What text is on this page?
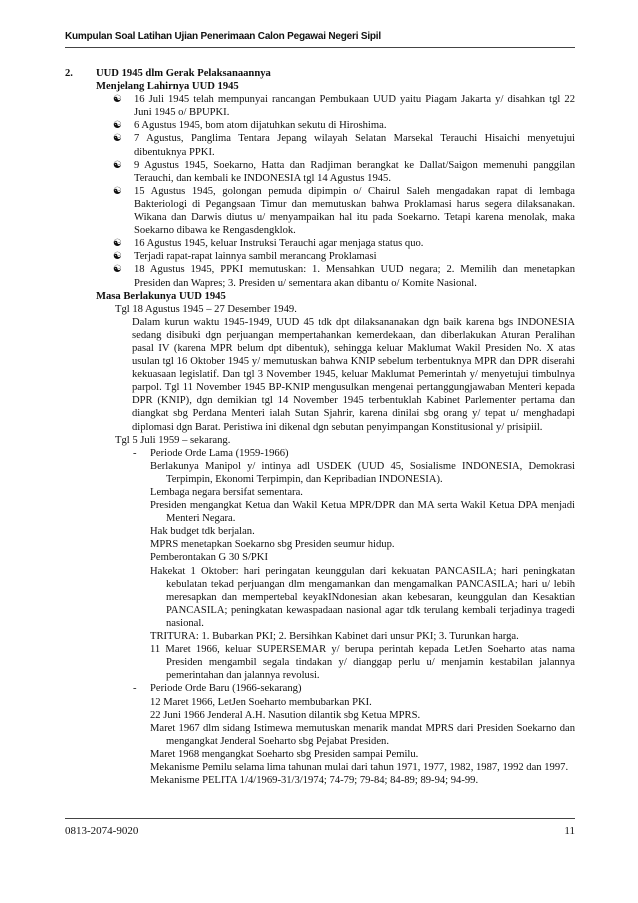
Kumpulan Soal Latihan Ujian Penerimaan Calon Pegawai Negeri Sipil
2.	UUD 1945 dlm Gerak Pelaksanaannya
Menjelang Lahirnya UUD 1945
☯	16 Juli 1945 telah mempunyai rancangan Pembukaan UUD yaitu Piagam Jakarta y/ disahkan tgl 22 Juni 1945 o/ BPUPKI.
☯	6 Agustus 1945, bom atom dijatuhkan sekutu di Hiroshima.
☯	7 Agustus, Panglima Tentara Jepang wilayah Selatan Marsekal Terauchi Hisaichi menyetujui dibentuknya PPKI.
☯	9 Agustus 1945, Soekarno, Hatta dan Radjiman berangkat ke Dallat/Saigon memenuhi panggilan Terauchi, dan kembali ke INDONESIA tgl 14 Agustus 1945.
☯	15 Agustus 1945, golongan pemuda dipimpin o/ Chairul Saleh mengadakan rapat di lembaga Bakteriologi di Pegangsaan Timur dan memutuskan bahwa Proklamasi harus segera dilaksanakan. Wikana dan Darwis diutus u/ menyampaikan hal itu pada Soekarno. Tetapi karena menolak, maka Soekarno dibawa ke Rengasdengklok.
☯	16 Agustus 1945, keluar Instruksi Terauchi agar menjaga status quo.
☯	Terjadi rapat-rapat lainnya sambil merancang Proklamasi
☯	18 Agustus 1945, PPKI memutuskan: 1. Mensahkan UUD negara; 2. Memilih dan menetapkan Presiden dan Wapres; 3. Presiden u/ sementara akan dibantu o/ Komite Nasional.
Masa Berlakunya UUD 1945
Tgl 18 Agustus 1945 – 27 Desember 1949.
Dalam kurun waktu 1945-1949, UUD 45 tdk dpt dilaksananakan dgn baik karena bgs INDONESIA sedang disibuki dgn perjuangan mempertahankan kemerdekaan, dan diberlakukan Aturan Peralihan pasal IV (karena MPR belum dpt dibentuk), sehingga keluar Maklumat Wakil Presiden No. X atas usulan tgl 16 Oktober 1945 y/ memutuskan bahwa KNIP sebelum terbentuknya MPR dan DPR diserahi kekuasaan legislatif. Dan tgl 3 November 1945, keluar Maklumat Pemerintah y/ menyetujui timbulnya parpol. Tgl 11 November 1945 BP-KNIP mengusulkan mengenai pertanggungjawaban Menteri kepada DPR (KNIP), dgn demikian tgl 14 November 1945 terbentuklah Kabinet Parlementer pertama dan diangkat sbg Perdana Menteri ialah Sutan Sjahrir, karena dinilai sbg orang y/ tepat u/ menghadapi diplomasi dgn Barat. Peristiwa ini dikenal dgn sebutan penyimpangan Konstitusional y/ prisipiil.
Tgl 5 Juli 1959 – sekarang.
-	Periode Orde Lama (1959-1966)
Berlakunya Manipol y/ intinya adl USDEK (UUD 45, Sosialisme INDONESIA, Demokrasi Terpimpin, Ekonomi Terpimpin, dan Kepribadian INDONESIA).
Lembaga negara bersifat sementara.
Presiden mengangkat Ketua dan Wakil Ketua MPR/DPR dan MA serta Wakil Ketua DPA menjadi Menteri Negara.
Hak budget tdk berjalan.
MPRS menetapkan Soekarno sbg Presiden seumur hidup.
Pemberontakan G 30 S/PKI
Hakekat 1 Oktober: hari peringatan keunggulan dari kekuatan PANCASILA; hari peningkatan kebulatan tekad perjuangan dlm mengamankan dan mengamalkan PANCASILA; hari u/ lebih meresapkan dan mempertebal keyakINdonesian akan kebesaran, keunggulan dan Kesaktian PANCASILA; peningkatan kewaspadaan nasional agar tdk terulang kembali terjadinya tragedi nasional.
TRITURA: 1. Bubarkan PKI; 2. Bersihkan Kabinet dari unsur PKI; 3. Turunkan harga.
11 Maret 1966, keluar SUPERSEMAR y/ berupa perintah kepada LetJen Soeharto atas nama Presiden mengambil segala tindakan y/ dianggap perlu u/ menjamin kestabilan jalannya pemerintahan dan jalannya revolusi.
-	Periode Orde Baru (1966-sekarang)
12 Maret 1966, LetJen Soeharto membubarkan PKI.
22 Juni 1966 Jenderal A.H. Nasution dilantik sbg Ketua MPRS.
Maret 1967 dlm sidang Istimewa memutuskan menarik mandat MPRS dari Presiden Soekarno dan mengangkat Jenderal Soeharto sbg Pejabat Presiden.
Maret 1968 mengangkat Soeharto sbg Presiden sampai Pemilu.
Mekanisme Pemilu selama lima tahunan mulai dari tahun 1971, 1977, 1982, 1987, 1992 dan 1997.
Mekanisme PELITA 1/4/1969-31/3/1974; 74-79; 79-84; 84-89; 89-94; 94-99.
0813-2074-9020	11
